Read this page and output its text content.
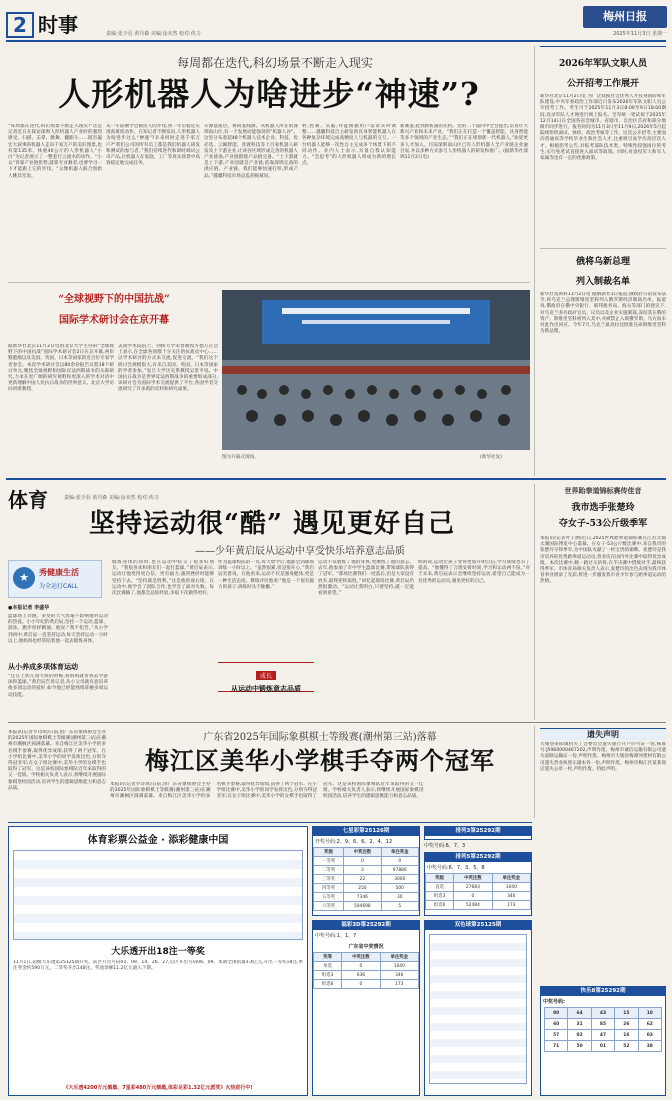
2 时事	责编:张少羽 黄丹森 美编:涂未然 校对:侠力
梅州日报
2025年11月3日 星期一
每周都在迭代,科幻场景不断走入现实
人形机器人为啥进步“神速”?
“每周都在迭代,科幻场景不断走入现实!”这是记者近日在探访深圳人形机器人产业时的强烈感受。扫描、击掌、跳舞、翻跟斗……既有偏宏大叙事的机器人走向千家万户的美好图景,也有第135米、体重40公斤的人形机器人“小白”为记者展示了一整套行云流水的动作。“小众”背靠产业链优势,就算专业舞者,也要学习一下才能跟上它的步伐。“众像机器人联合创始人姚其光说。
从一年前刚学会模仿人的步伐,到一年后稳定实现高难度动作。在知记者不断发问,人形机器人为啥进步这么“神速”?未来何时走进千家万户?“我们公司的所有员工都是我们机器人研发和测试的参与者。”我们持续迭代和即时调试公司产品,让机器人在家庭、工厂等真实场景中高效稳定地完成任务。
开源基座层、协同基线源。从机器人所在的深圳南山区,有一个发展动能强劲的“机器人谷”。这里分布着超48个机器人技术企业、科技、优必选、云鲸智能、普渡科技等上百家机器人研发及上下游企业,让该谷区域形成完善的机器人产业链条,产业链群链产品链完备。“上下游就是上下游,产业园就是产业链,依靠深圳完备的供应链、产业链、我们能够快速打样,形成产品。”越疆科技市场总监胡振斌说。
材,控制、头脑,并能根据用户需求实时调整……越疆科技自主研发的具身智能机器人在各种复杂环境完成高精度人与机器的交互。一台机器人能够一次性自主完成多个场景下的不同动作。业内人士表示,具备自我认知能力、“会思考”的人形机器人将成为新的增长点。
新赛道,抢到新机遇的先机。党的二十届四中全会提出,培育壮大新兴产业和未来产业。“我们正在打造一个覆盖智能、具身智能等多个领域的产业生态。”“我们正在规划新一代机器人,”欢迎更多人才加入。目前深圳南山区已有人形机器人全产业链企业逾百家,并以多种方式参与人形机器人的研发和推广。(据新华社深圳11月2日电)
“全球视野下的中国抗战”
国际学术研讨会在京开幕
据新华社北京11月2日电由北京大学主办的“全球视野下的中国抗战”国际学术研讨会2日在京开幕,两岸暨港澳以及美国、英国、日本等国家的近百位专家学者参会。本次学术研讨会以80余份报告议程18个研讨单元,聚焦全球视野和国际反法西斯战争的关联研究,力求在更广阔的研究视野和更深入的学术对话中更新理解中国人民抗日战争的世界意义。北京大学访问讲席教授、
美国学术院院士、剑桥大学荣誉教授方德万在会上表示,在全球各国都十分关注的抗战史中心……以学术研讨的方式来交流,促进交流。“我们这个研讨会规模很大,有来自美国、英国、日本等国家的学者参加。”复旦大学历史系教授吴景平说。中国抗日战争是世界反法西斯战争的重要组成部分,该研讨会为国际学术交流提供了平台,各国学者交流研究了许多新的史料和研究成果。
图为开幕式现场。	(新华社发)
2026年军队文职人员
公开招考工作展开
新华社北京11月2日电 为广泛延揽社会优秀人才投身国防和军队建设,中央军委政治工作部近日发布2026年军队文职人员公开招考工作。考生可于2025年11月3日8:00至9日18:00期间,登录军队人才网进行网上报名。全军统一笔试拟于2025年12月14日在全国各省会城市、省辖市、自治区首府和部分地级市同步进行。报名时间为11月3日至11月9日,2026年5月起陆续组织面试、体检、政治考核等工作。这次公开招考,主要面向普通高等学校毕业生和社会人才,注重吸引高学历高层次人才。根据招考公告,对报考部队技术类、特殊性较强岗位的考生,实行免笔试直接进入面试等政策。同时,对退役军人和军人家属等也有一定的优惠政策。
俄将乌新总理
列入制裁名单
新华社莫斯科11月2日电 据俄新社1日报道,俄政府日前发布法令,将乌克兰总理斯维里坚科列入俄罗斯经济制裁名单。报道说,俄政府在俄中央银行、联邦税务局、海关等部门的建议下,对乌克兰多名政府官员、议员以及企业实施制裁,冻结其在俄的资产。斯维里坚科被列入其中,并被禁止入境俄罗斯。乌方尚未对此作出回应。今年7月,乌克兰最高拉达批准任命斯维里坚科为新总理。
体育	责编:张少羽 黄丹森 美编:涂未然 校对:侠力
坚持运动很“酷” 遇见更好自己
——少年黄启辰从运动中享受快乐培养意志品质
★	秀健康生活
为全运打CALL
●本报记者 李盛华
篮球场上奔跑、多变的天气丝毫不影响他对运动的热爱。小小年纪的黄启辰,坚持一个运动,篮球、游泳、跑步样样精通。他说:“我不怕苦。”从小学到初中,黄启辰一直坚持运动,每天坚持运动一小时以上,他妈妈也经常陪着他一起去锻炼身体。
从小养成多项体育运动
“还在上幼儿园大班的时候,我妈妈就带我去学游泳和篮球。”黄启辰告诉记者,从小父母就有意培养他多项运动的爱好,如今他已经能熟练掌握多项运动技能。
锻炼身体的同时,也在运动中结交了很多好朋友。“我很喜欢和朋友们一起打篮球。”黄启辰表示,运动让他变得更自信、更有毅力,遇到挫折时能够坚持下去。“坚持就是胜利。”这是他的座右铭。在运动中,他学会了团队合作,也学会了面对失败。每次比赛输了,他都会总结经验,争取下次做得更好。
作为篮球校队的一员,每天放学后,他都会到球场训练一小时以上。“虽然很累,但是很开心。”黄启辰笑着说。在他看来,运动不仅是强身健体,更是一种生活态度。教练评价他说:“他是一个很有毅力的孩子,训练时从不偷懒。”
成长
从运动中锻炼意志品质
运动不仅锻炼了他的身体,更磨炼了他的意志。去年,他参加了市中学生篮球比赛,带领球队获得了冠军。“那场比赛我们一度落后,但是大家没有放弃,最终逆转取胜。”回忆起那场比赛,黄启辰仍然很激动。“运动让我明白,只要坚持,就一定能看到希望。”
妈妈说,运动让孩子变得更加开朗自信,学习成绩也有了提高。“他懂得了合理安排时间,学习和运动两不误。”对于未来,黄启辰表示会继续坚持运动,希望自己能成为一名优秀的运动员,遇见更好的自己。
世界跆拳道锦标赛传佳音
我市选手张楚玲
夺女子-53公斤级季军
本报讯(记者叶子涵)近日,2025世界跆拳道锦标赛在江苏无锡太湖国际博览中心落幕。在女子-53公斤级比赛中,来自我市的张楚玲夺得季军,为中国队贡献了一枚宝贵的铜牌。张楚玲是我市培养的优秀跆拳道运动员,曾多次在国内外比赛中取得优异成绩。本次比赛中,她一路过关斩将,在半决赛中惜败对手,最终获得季军。市体育局相关负责人表示,张楚玲的出色表现为我市体育事业增添了光彩,将进一步激发我市青少年参与跆拳道运动的热情。
广东省2025年国际象棋棋士等级赛(潮州第三站)落幕
梅江区美华小学棋手夺两个冠军
本报讯(记者罗诗琪)日前,由广东省象棋协会主办的2025年国际象棋棋士等级赛(潮州第三站)在潮州市潮枫区圆满落幕。来自梅江区美华小学的多名棋手参赛,取得优异成绩,获得了两个冠军。在小学组比赛中,美华小学的同学发挥出色,分别夺得冠亚军;在女子组比赛中,美华小学的女棋手也取得了冠军。这是该校国际象棋队近年来取得的又一佳绩。学校相关负责人表示,将继续开展国际象棋进校园活动,培养学生的逻辑思维能力和意志品质。
本报讯(记者罗诗琪)日前,由广东省象棋协会主办的2025年国际象棋棋士等级赛(潮州第三站)在潮州市潮枫区圆满落幕。来自梅江区美华小学的多名棋手参赛,取得优异成绩,获得了两个冠军。在小学组比赛中,美华小学的同学发挥出色,分别夺得冠亚军;在女子组比赛中,美华小学的女棋手也取得了冠军。这是该校国际象棋队近年来取得的又一佳绩。学校相关负责人表示,将继续开展国际象棋进校园活动,培养学生的逻辑思维能力和意志品质。
遗失声明
大埔县茶阳镇机关工会委员会遗失银行开户许可证一份,核准号:J5960000467202,声明作废。梅州市诚信运输有限公司遗失道路运输证一份,声明作废。梅州市大埔县梅潭河建材有限公司遗失营业执照正副本各一份,声明作废。梅州市梅江区某某商店遗失公章一枚,声明作废。特此声明。
体育彩票公益金 · 添彩健康中国
大乐透开出18注一等奖
11月1日,超级大乐透第25125期开奖。前区开出号码01、09、14、26、27,后区开出号码06、09。本期全国销量3.4亿元,开出一等奖18注,单注奖金约590万元。二等奖开出148注。奖池余额11.2亿元滚入下期。
《大乐透4200万元插墨、7星彩480万元插墨,体彩足彩1.32亿元派奖》火热进行中!
七星彩第25126期
开奖号码:2、9、6、6、2、4、12
奖级	中奖注数	单注奖金
一等奖	0	0
二等奖	3	97886
三等奖	22	3000
四等奖	250	500
五等奖	7346	30
六等奖	504698	5
排列3第25292期
中奖号码:6、7、3
排列5第25292期
中奖号码:6、7、3、5、8
奖级	中奖注数	单注奖金
直选	27683	1040
组选3	0	346
组选6	52484	173
福彩3D第25292期
中奖号码:1、1、7
广东省中奖情况
奖等	中奖注数	单注奖金
单选	0	1040
组选3	636	346
组选6	0	173
双色球第25125期
快乐8第25292期
中奖号码:
80	64	43	15	10
60	31	85	26	62
57	02	47	16	03
71	50	01	52	38
